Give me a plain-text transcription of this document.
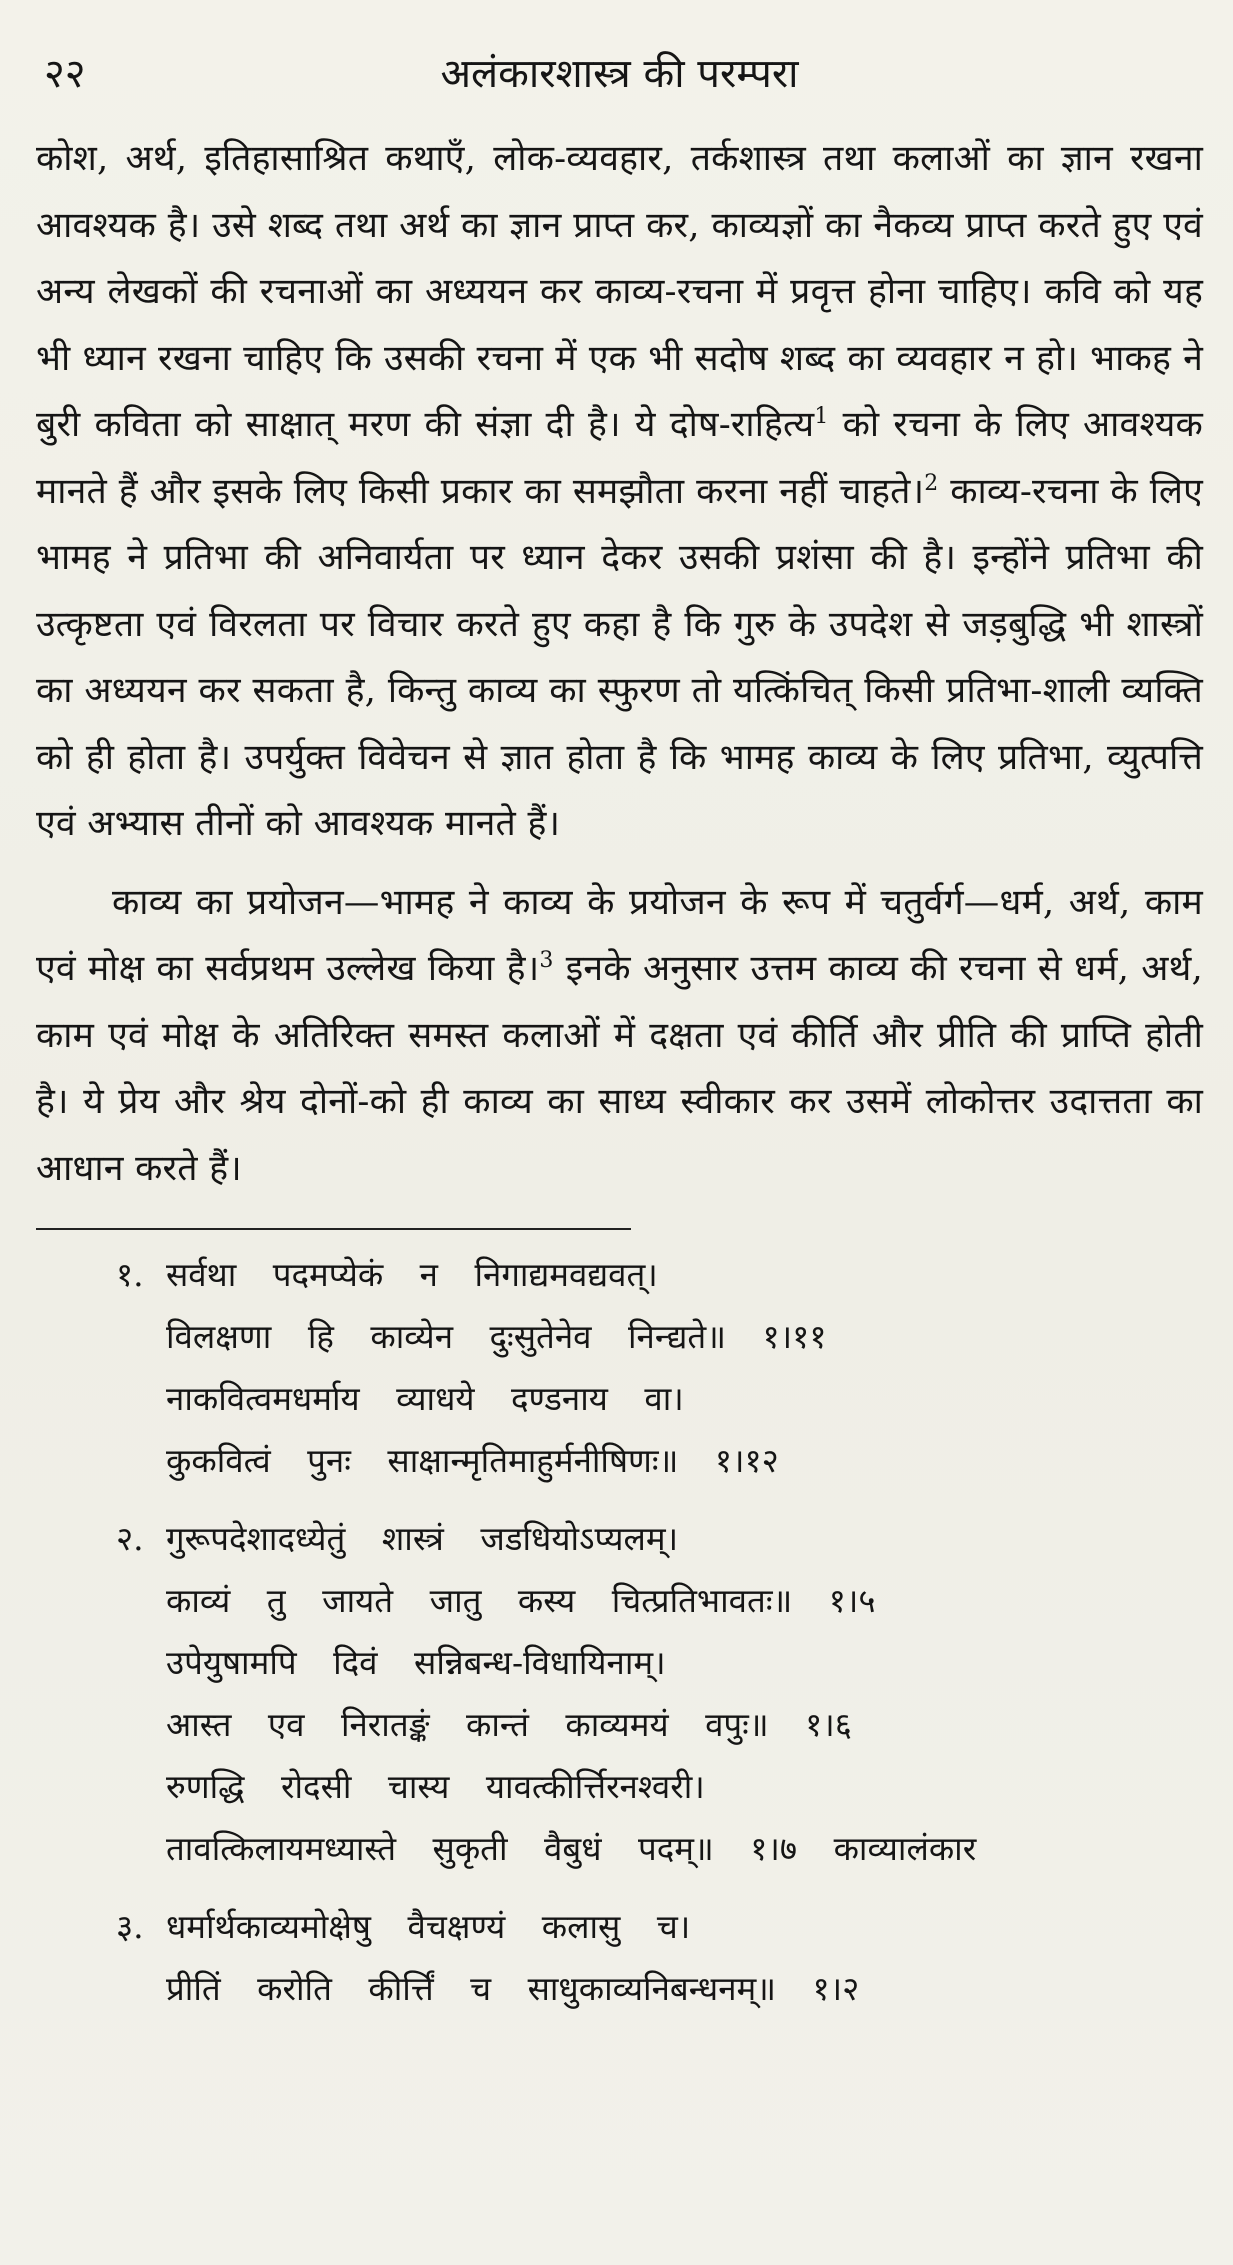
२२	अलंकारशास्त्र की परम्परा

कोश, अर्थ, इतिहासाश्रित कथाएँ, लोक-व्यवहार, तर्कशास्त्र तथा कलाओं का ज्ञान रखना आवश्यक है। उसे शब्द तथा अर्थ का ज्ञान प्राप्त कर, काव्यज्ञों का नैकव्य प्राप्त करते हुए एवं अन्य लेखकों की रचनाओं का अध्ययन कर काव्य-रचना में प्रवृत्त होना चाहिए। कवि को यह भी ध्यान रखना चाहिए कि उसकी रचना में एक भी सदोष शब्द का व्यवहार न हो। भाकह ने बुरी कविता को साक्षात् मरण की संज्ञा दी है। ये दोष-राहित्य$^1$ को रचना के लिए आवश्यक मानते हैं और इसके लिए किसी प्रकार का समझौता करना नहीं चाहते।$^2$ काव्य-रचना के लिए भामह ने प्रतिभा की अनिवार्यता पर ध्यान देकर उसकी प्रशंसा की है। इन्होंने प्रतिभा की उत्कृष्टता एवं विरलता पर विचार करते हुए कहा है कि गुरु के उपदेश से जड़बुद्धि भी शास्त्रों का अध्ययन कर सकता है, किन्तु काव्य का स्फुरण तो यत्किंचित् किसी प्रतिभा-शाली व्यक्ति को ही होता है। उपर्युक्त विवेचन से ज्ञात होता है कि भामह काव्य के लिए प्रतिभा, व्युत्पत्ति एवं अभ्यास तीनों को आवश्यक मानते हैं।

काव्य का प्रयोजन—भामह ने काव्य के प्रयोजन के रूप में चतुर्वर्ग—धर्म, अर्थ, काम एवं मोक्ष का सर्वप्रथम उल्लेख किया है।$^3$ इनके अनुसार उत्तम काव्य की रचना से धर्म, अर्थ, काम एवं मोक्ष के अतिरिक्त समस्त कलाओं में दक्षता एवं कीर्ति और प्रीति की प्राप्ति होती है। ये प्रेय और श्रेय दोनों-को ही काव्य का साध्य स्वीकार कर उसमें लोकोत्तर उदात्तता का आधान करते हैं।

१. सर्वथा पदमप्येकं न निगाद्यमवद्यवत्।
विलक्षणा हि काव्येन दुःसुतेनेव निन्द्यते॥ १।११
नाकवित्वमधर्माय व्याधये दण्डनाय वा।
कुकवित्वं पुनः साक्षान्मृतिमाहुर्मनीषिणः॥ १।१२
२. गुरूपदेशादध्येतुं शास्त्रं जडधियोऽप्यलम्।
काव्यं तु जायते जातु कस्य चित्प्रतिभावतः॥ १।५
उपेयुषामपि दिवं सन्निबन्ध-विधायिनाम्।
आस्त एव निरातङ्कं कान्तं काव्यमयं वपुः॥ १।६
रुणद्धि रोदसी चास्य यावत्कीर्त्तिरनश्वरी।
तावत्किलायमध्यास्ते सुकृती वैबुधं पदम्॥ १।७ काव्यालंकार
३. धर्मार्थकाव्यमोक्षेषु वैचक्षण्यं कलासु च।
प्रीतिं करोति कीर्त्तिं च साधुकाव्यनिबन्धनम्॥ १।२
